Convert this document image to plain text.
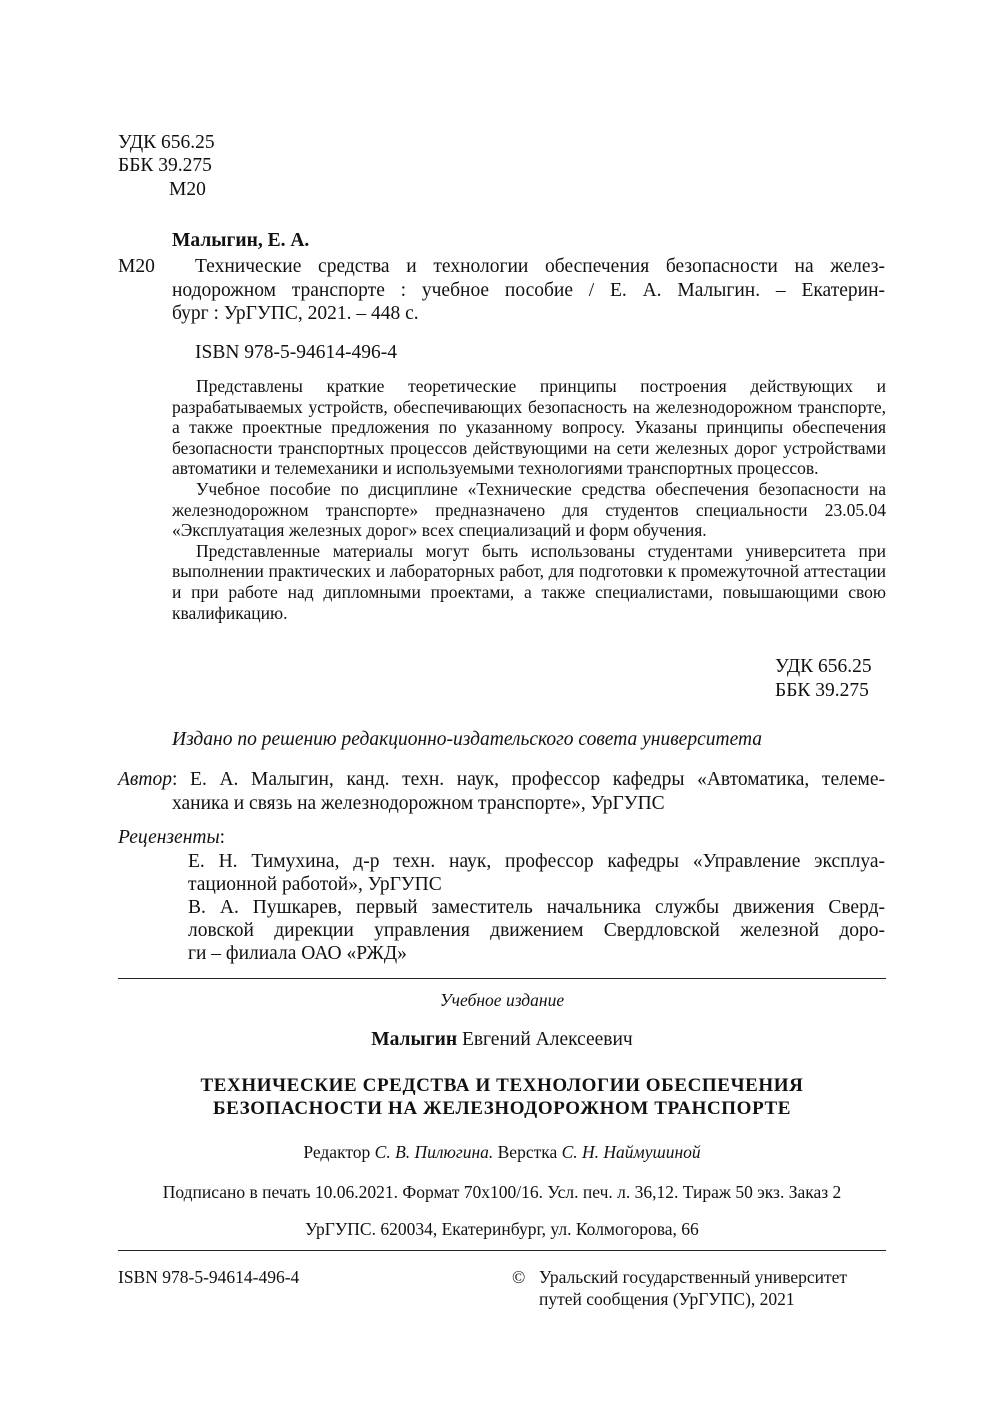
УДК 656.25
ББК 39.275
М20
Малыгин, Е. А.
М20 Технические средства и технологии обеспечения безопасности на желез-
нодорожном транспорте : учебное пособие / Е. А. Малыгин. – Екатерин-
бург : УрГУПС, 2021. – 448 с.
ISBN 978-5-94614-496-4

Представлены краткие теоретические принципы построения действующих и разрабатываемых устройств, обеспечивающих безопасность на железнодорожном транспорте, а также проектные предложения по указанному вопросу. Указаны принципы обеспечения безопасности транспортных процессов действующими на сети железных дорог устройствами автоматики и телемеханики и используемыми технологиями транспортных процессов.

Учебное пособие по дисциплине «Технические средства обеспечения безопасности на железнодорожном транспорте» предназначено для студентов специальности 23.05.04 «Эксплуатация железных дорог» всех специализаций и форм обучения.

Представленные материалы могут быть использованы студентами университета при выполнении практических и лабораторных работ, для подготовки к промежуточной аттестации и при работе над дипломными проектами, а также специалистами, повышающими свою квалификацию.

УДК 656.25
ББК 39.275
Издано по решению редакционно-издательского совета университета
Автор: Е. А. Малыгин, канд. техн. наук, профессор кафедры «Автоматика, телеме-
ханика и связь на железнодорожном транспорте», УрГУПС
Рецензенты:
Е. Н. Тимухина, д-р техн. наук, профессор кафедры «Управление эксплуа-
тационной работой», УрГУПС
В. А. Пушкарев, первый заместитель начальника службы движения Сверд-
ловской дирекции управления движением Свердловской железной доро-
ги – филиала ОАО «РЖД»
Учебное издание
Малыгин Евгений Алексеевич
ТЕХНИЧЕСКИЕ СРЕДСТВА И ТЕХНОЛОГИИ ОБЕСПЕЧЕНИЯ
БЕЗОПАСНОСТИ НА ЖЕЛЕЗНОДОРОЖНОМ ТРАНСПОРТЕ
Редактор С. В. Пилюгина. Верстка С. Н. Наймушиной
Подписано в печать 10.06.2021. Формат 70х100/16. Усл. печ. л. 36,12. Тираж 50 экз. Заказ 2
УрГУПС. 620034, Екатеринбург, ул. Колмогорова, 66
ISBN 978-5-94614-496-4	© Уральский государственный университет
путей сообщения (УрГУПС), 2021
